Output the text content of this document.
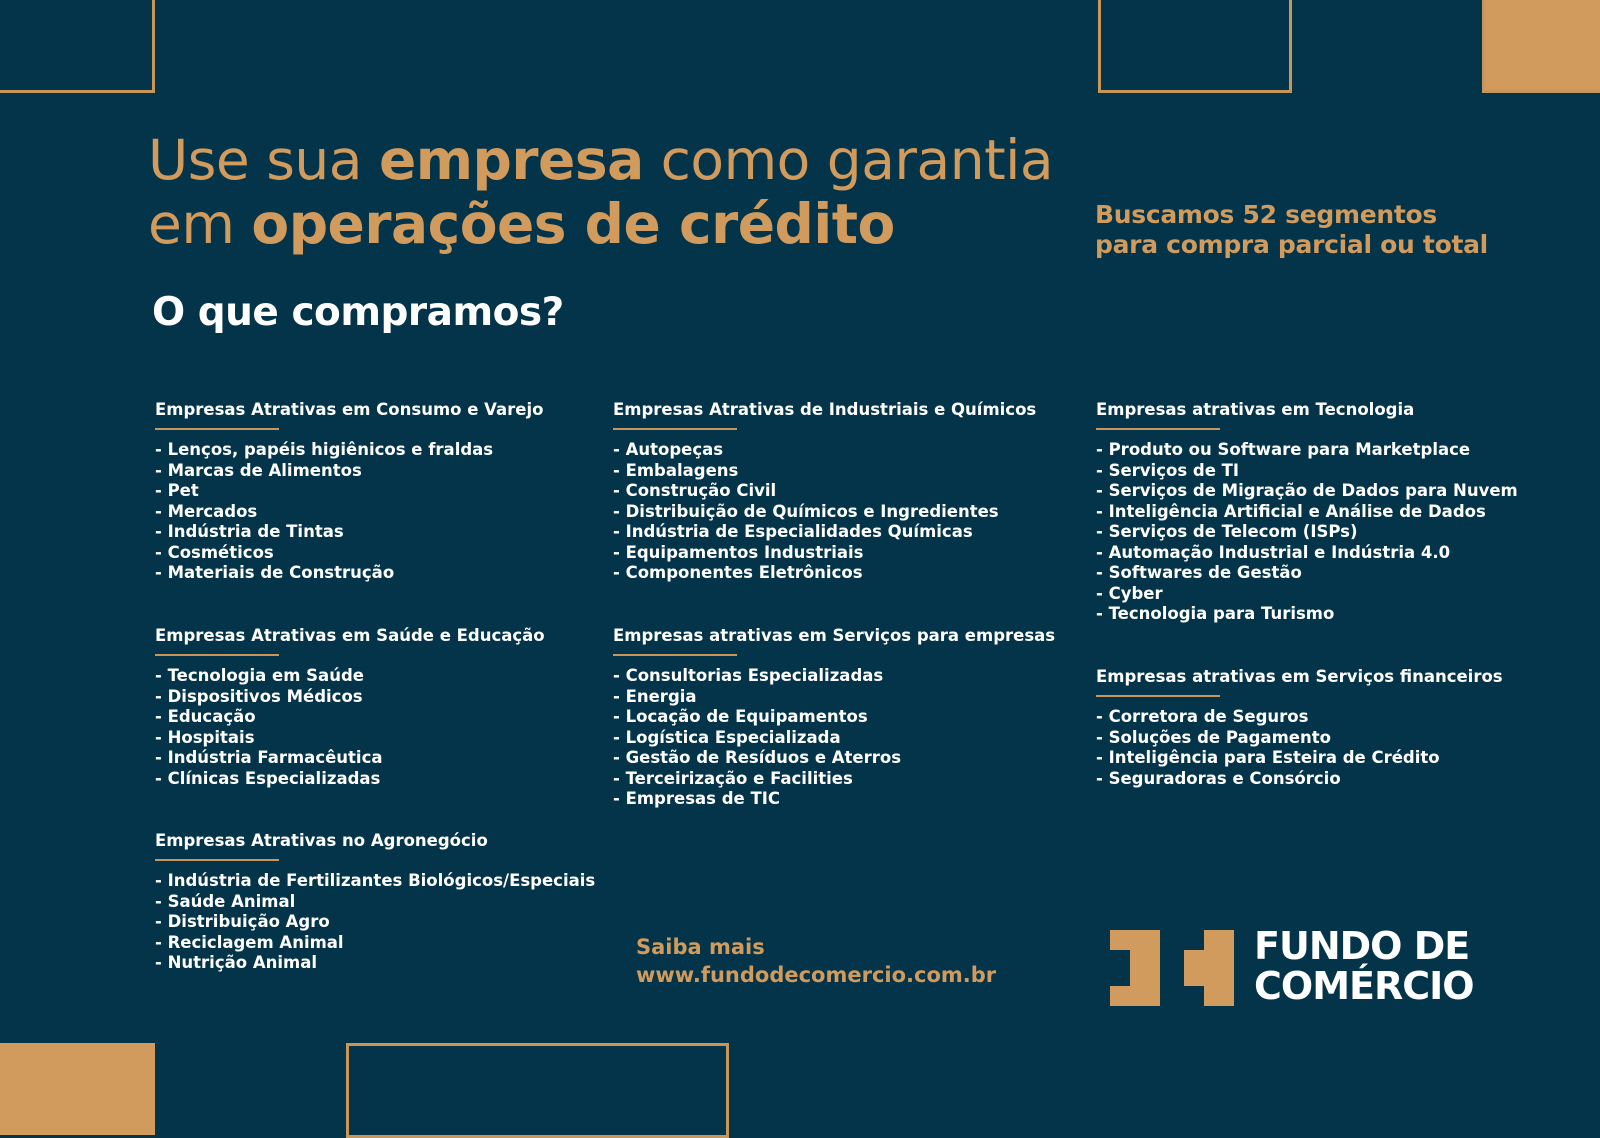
Use sua empresa como garantia
em operações de crédito	Buscamos 52 segmentos
para compra parcial ou total
O que compramos?
Empresas Atrativas em Consumo e Varejo
- Lenços, papéis higiênicos e fraldas
- Marcas de Alimentos
- Pet
- Mercados
- Indústria de Tintas
- Cosméticos
- Materiais de Construção
Empresas Atrativas em Saúde e Educação
- Tecnologia em Saúde
- Dispositivos Médicos
- Educação
- Hospitais
- Indústria Farmacêutica
- Clínicas Especializadas
Empresas Atrativas no Agronegócio
- Indústria de Fertilizantes Biológicos/Especiais
- Saúde Animal
- Distribuição Agro
- Reciclagem Animal
- Nutrição Animal
Empresas Atrativas de Industriais e Químicos
- Autopeças
- Embalagens
- Construção Civil
- Distribuição de Químicos e Ingredientes
- Indústria de Especialidades Químicas
- Equipamentos Industriais
- Componentes Eletrônicos
Empresas atrativas em Serviços para empresas
- Consultorias Especializadas
- Energia
- Locação de Equipamentos
- Logística Especializada
- Gestão de Resíduos e Aterros
- Terceirização e Facilities
- Empresas de TIC
Empresas atrativas em Tecnologia
- Produto ou Software para Marketplace
- Serviços de TI
- Serviços de Migração de Dados para Nuvem
- Inteligência Artificial e Análise de Dados
- Serviços de Telecom (ISPs)
- Automação Industrial e Indústria 4.0
- Softwares de Gestão
- Cyber
- Tecnologia para Turismo
Empresas atrativas em Serviços financeiros
- Corretora de Seguros
- Soluções de Pagamento
- Inteligência para Esteira de Crédito
- Seguradoras e Consórcio
Saiba mais
www.fundodecomercio.com.br
FUNDO DE
COMÉRCIO
